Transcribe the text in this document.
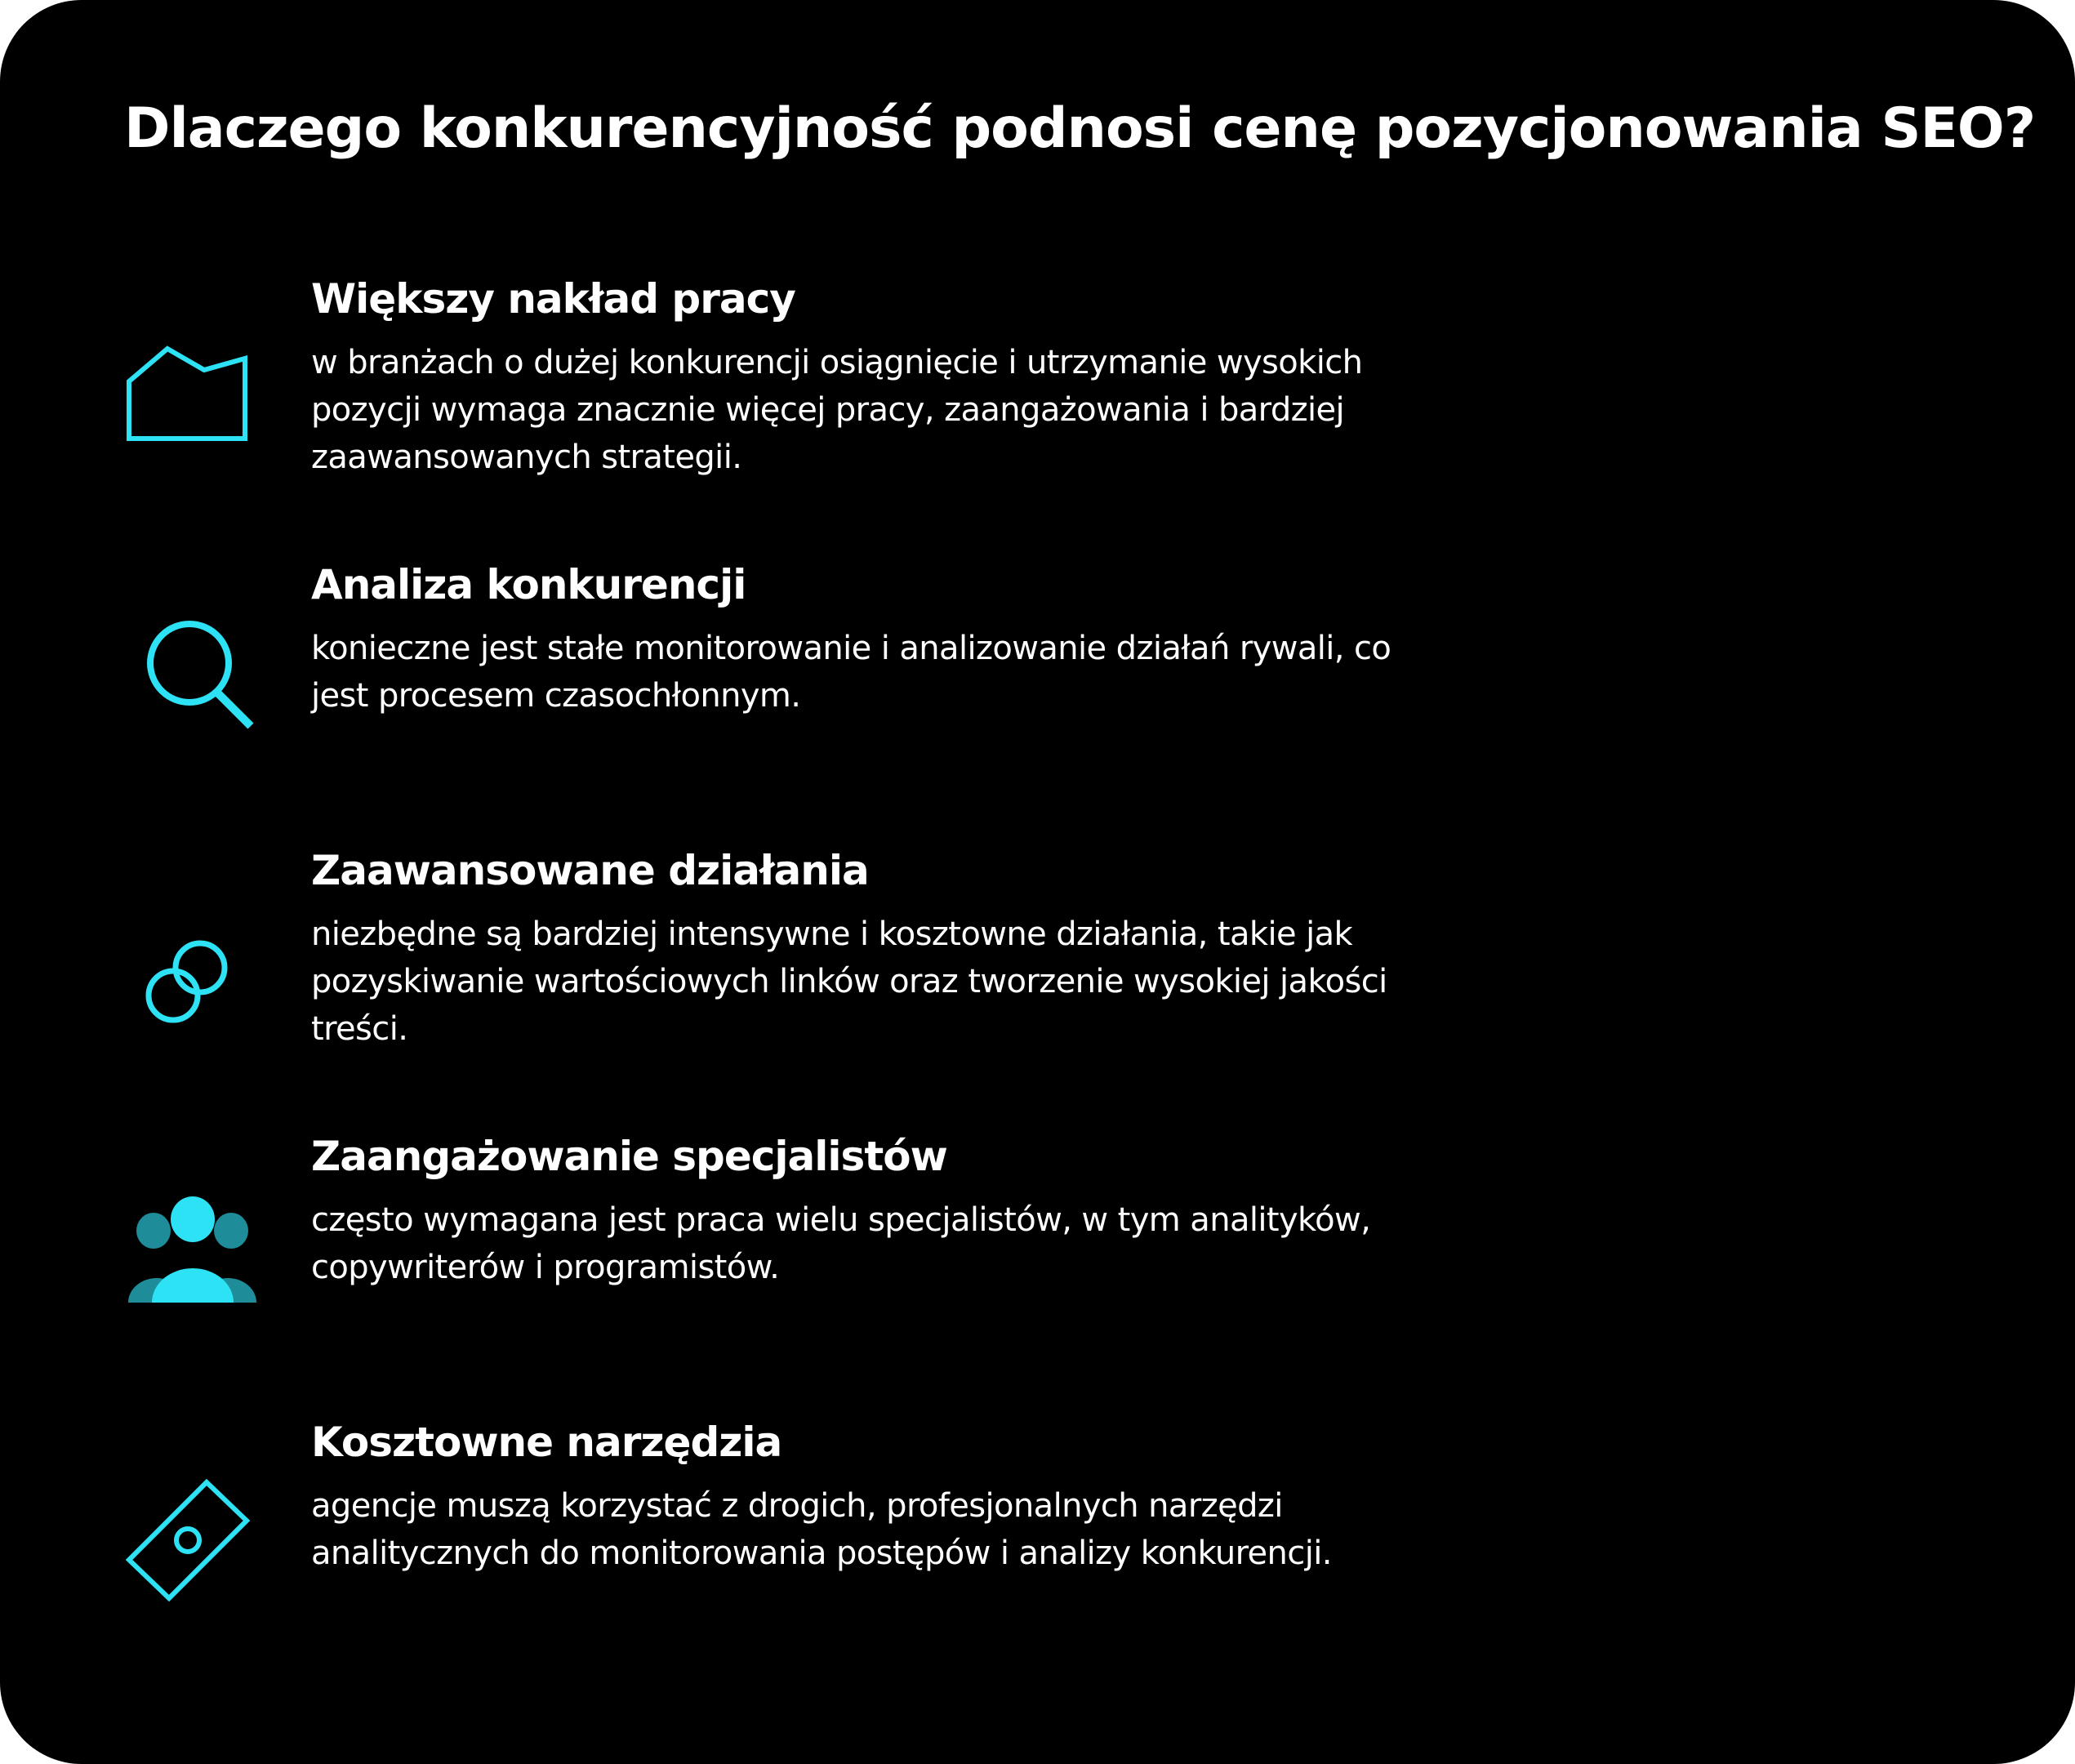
Dlaczego konkurencyjność podnosi cenę pozycjonowania SEO?
Większy nakład pracy

w branżach o dużej konkurencji osiągnięcie i utrzymanie wysokich pozycji wymaga znacznie więcej pracy, zaangażowania i bardziej zaawansowanych strategii.

Analiza konkurencji

konieczne jest stałe monitorowanie i analizowanie działań rywali, co jest procesem czasochłonnym.

Zaawansowane działania

niezbędne są bardziej intensywne i kosztowne działania, takie jak pozyskiwanie wartościowych linków oraz tworzenie wysokiej jakości treści.

Zaangażowanie specjalistów

często wymagana jest praca wielu specjalistów, w tym analityków, copywriterów i programistów.

Kosztowne narzędzia

agencje muszą korzystać z drogich, profesjonalnych narzędzi analitycznych do monitorowania postępów i analizy konkurencji.
